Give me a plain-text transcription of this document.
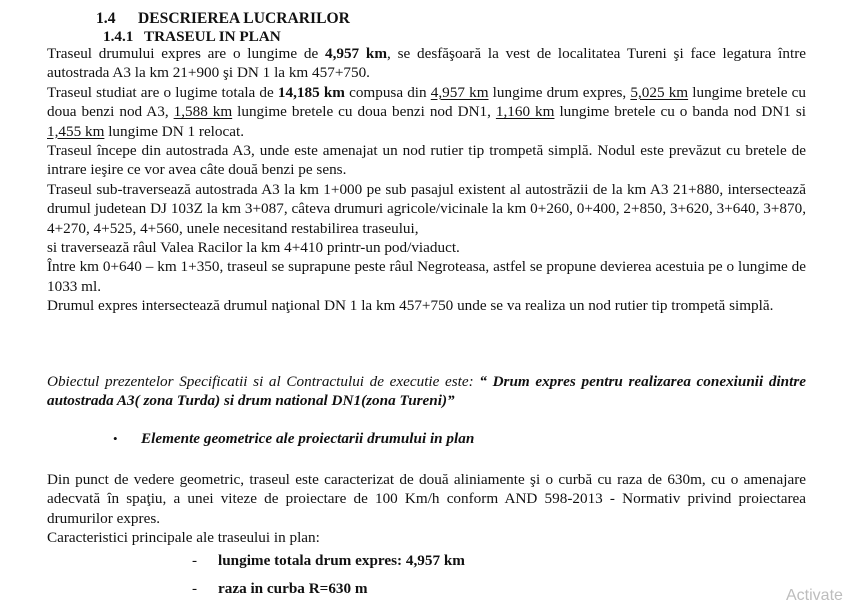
1.4 DESCRIEREA LUCRARILOR
1.4.1 TRASEUL IN PLAN

Traseul drumului expres are o lungime de 4,957 km, se desfăşoară la vest de localitatea Tureni şi face legatura între autostrada A3 la km 21+900 şi DN 1 la km 457+750.

Traseul studiat are o lugime totala de 14,185 km compusa din 4,957 km lungime drum expres, 5,025 km lungime bretele cu doua benzi nod A3, 1,588 km lungime bretele cu doua benzi nod DN1, 1,160 km lungime bretele cu o banda nod DN1 si 1,455 km lungime DN 1 relocat.

Traseul începe din autostrada A3, unde este amenajat un nod rutier tip trompetă simplă. Nodul este prevăzut cu bretele de intrare ieşire ce vor avea câte două benzi pe sens.

Traseul sub-traversează autostrada A3 la km 1+000 pe sub pasajul existent al autostrăzii de la km A3 21+880, intersectează drumul judetean DJ 103Z la km 3+087, câteva drumuri agricole/vicinale la km 0+260, 0+400, 2+850, 3+620, 3+640, 3+870, 4+270, 4+525, 4+560, unele necesitand restabilirea traseului,
si traversează râul Valea Racilor la km 4+410 printr-un pod/viaduct.

Între km 0+640 – km 1+350, traseul se suprapune peste râul Negroteasa, astfel se propune devierea acestuia pe o lungime de 1033 ml.

Drumul expres intersectează drumul naţional DN 1 la km 457+750 unde se va realiza un nod rutier tip trompetă simplă.

Obiectul prezentelor Specificatii si al Contractului de executie este: “ Drum expres pentru realizarea conexiunii dintre autostrada A3( zona Turda) si drum national DN1(zona Tureni)”

• Elemente geometrice ale proiectarii drumului in plan

Din punct de vedere geometric, traseul este caracterizat de două aliniamente şi o curbă cu raza de 630m, cu o amenajare adecvată în spaţiu, a unei viteze de proiectare de 100 Km/h conform AND 598-2013 - Normativ privind proiectarea drumurilor expres.

Caracteristici principale ale traseului in plan:

- lungime totala drum expres: 4,957 km
- raza in curba R=630 m	Activate
